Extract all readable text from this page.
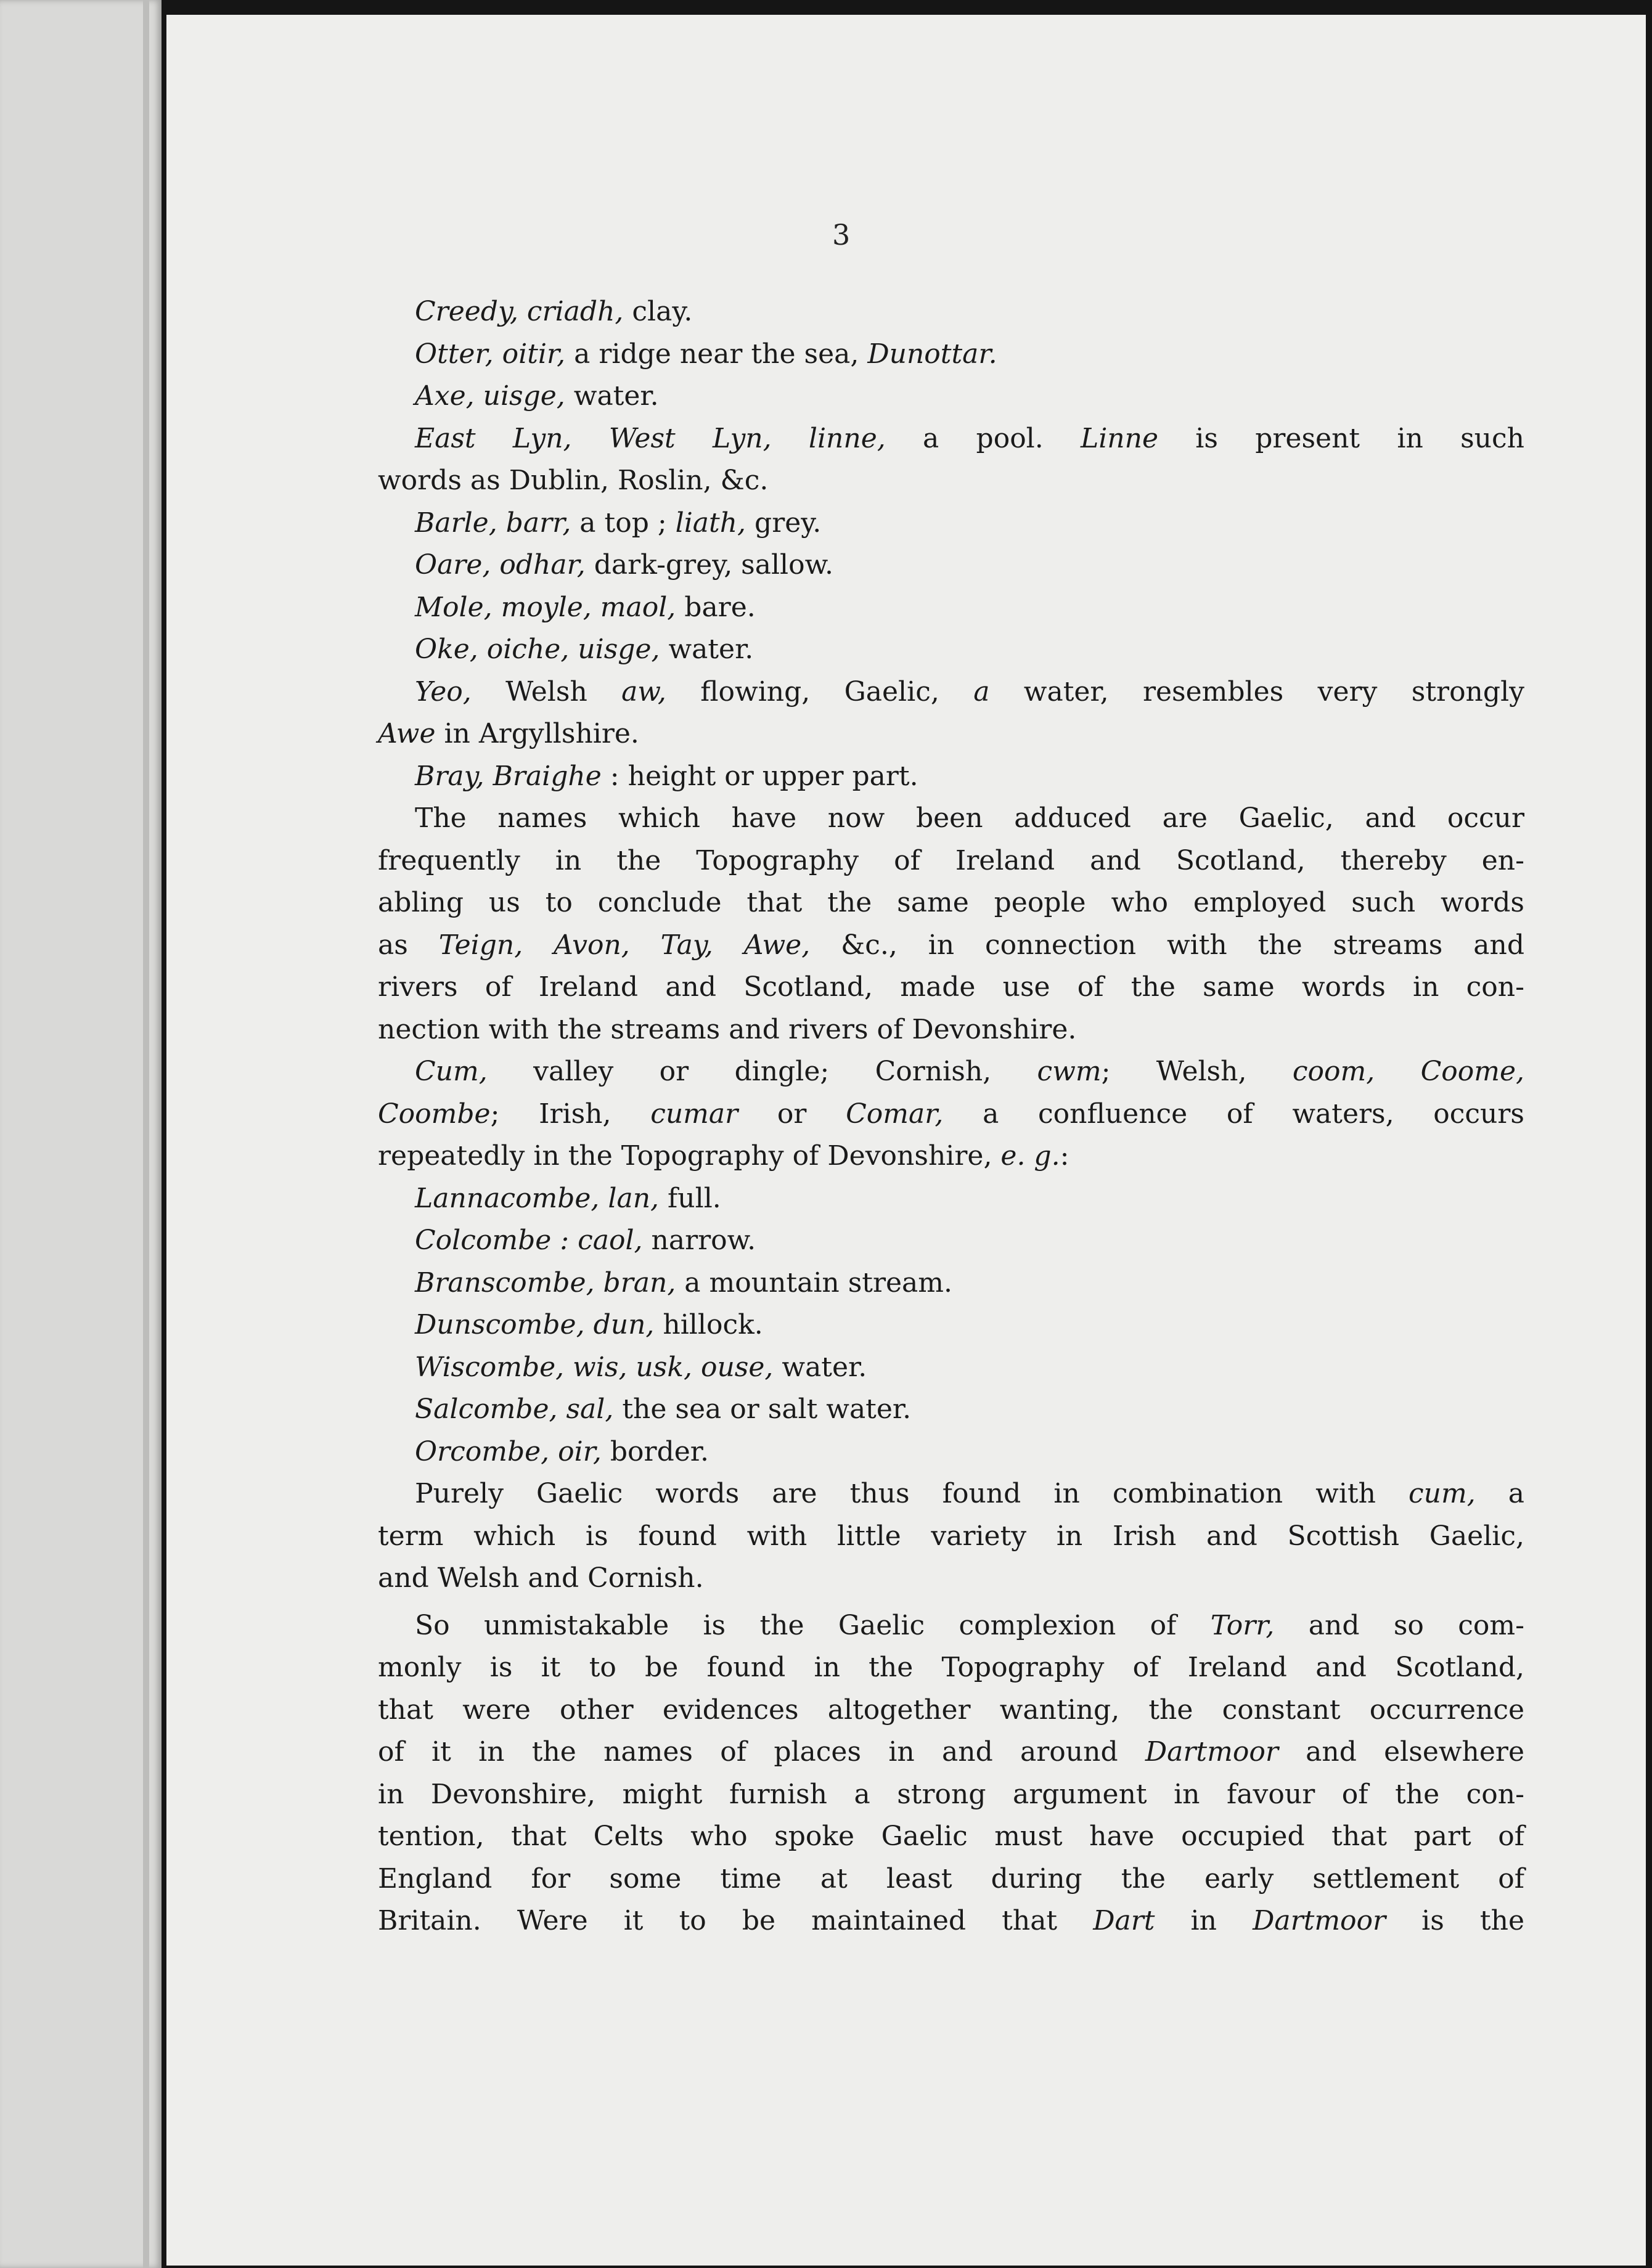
3
Creedy, criadh, clay.
Otter, oitir, a ridge near the sea, Dunottar.
Axe, uisge, water.
East Lyn, West Lyn, linne, a pool. Linne is present in such
words as Dublin, Roslin, &c.
Barle, barr, a top ; liath, grey.
Oare, odhar, dark-grey, sallow.
Mole, moyle, maol, bare.
Oke, oiche, uisge, water.
Yeo, Welsh aw, flowing, Gaelic, a water, resembles very strongly
Awe in Argyllshire.
Bray, Braighe : height or upper part.
The names which have now been adduced are Gaelic, and occur
frequently in the Topography of Ireland and Scotland, thereby en-
abling us to conclude that the same people who employed such words
as Teign, Avon, Tay, Awe, &c., in connection with the streams and
rivers of Ireland and Scotland, made use of the same words in con-
nection with the streams and rivers of Devonshire.
Cum, valley or dingle; Cornish, cwm; Welsh, coom, Coome,
Coombe; Irish, cumar or Comar, a confluence of waters, occurs
repeatedly in the Topography of Devonshire, e. g.:
Lannacombe, lan, full.
Colcombe : caol, narrow.
Branscombe, bran, a mountain stream.
Dunscombe, dun, hillock.
Wiscombe, wis, usk, ouse, water.
Salcombe, sal, the sea or salt water.
Orcombe, oir, border.
Purely Gaelic words are thus found in combination with cum, a
term which is found with little variety in Irish and Scottish Gaelic,
and Welsh and Cornish.
So unmistakable is the Gaelic complexion of Torr, and so com-
monly is it to be found in the Topography of Ireland and Scotland,
that were other evidences altogether wanting, the constant occurrence
of it in the names of places in and around Dartmoor and elsewhere
in Devonshire, might furnish a strong argument in favour of the con-
tention, that Celts who spoke Gaelic must have occupied that part of
England for some time at least during the early settlement of
Britain. Were it to be maintained that Dart in Dartmoor is the
